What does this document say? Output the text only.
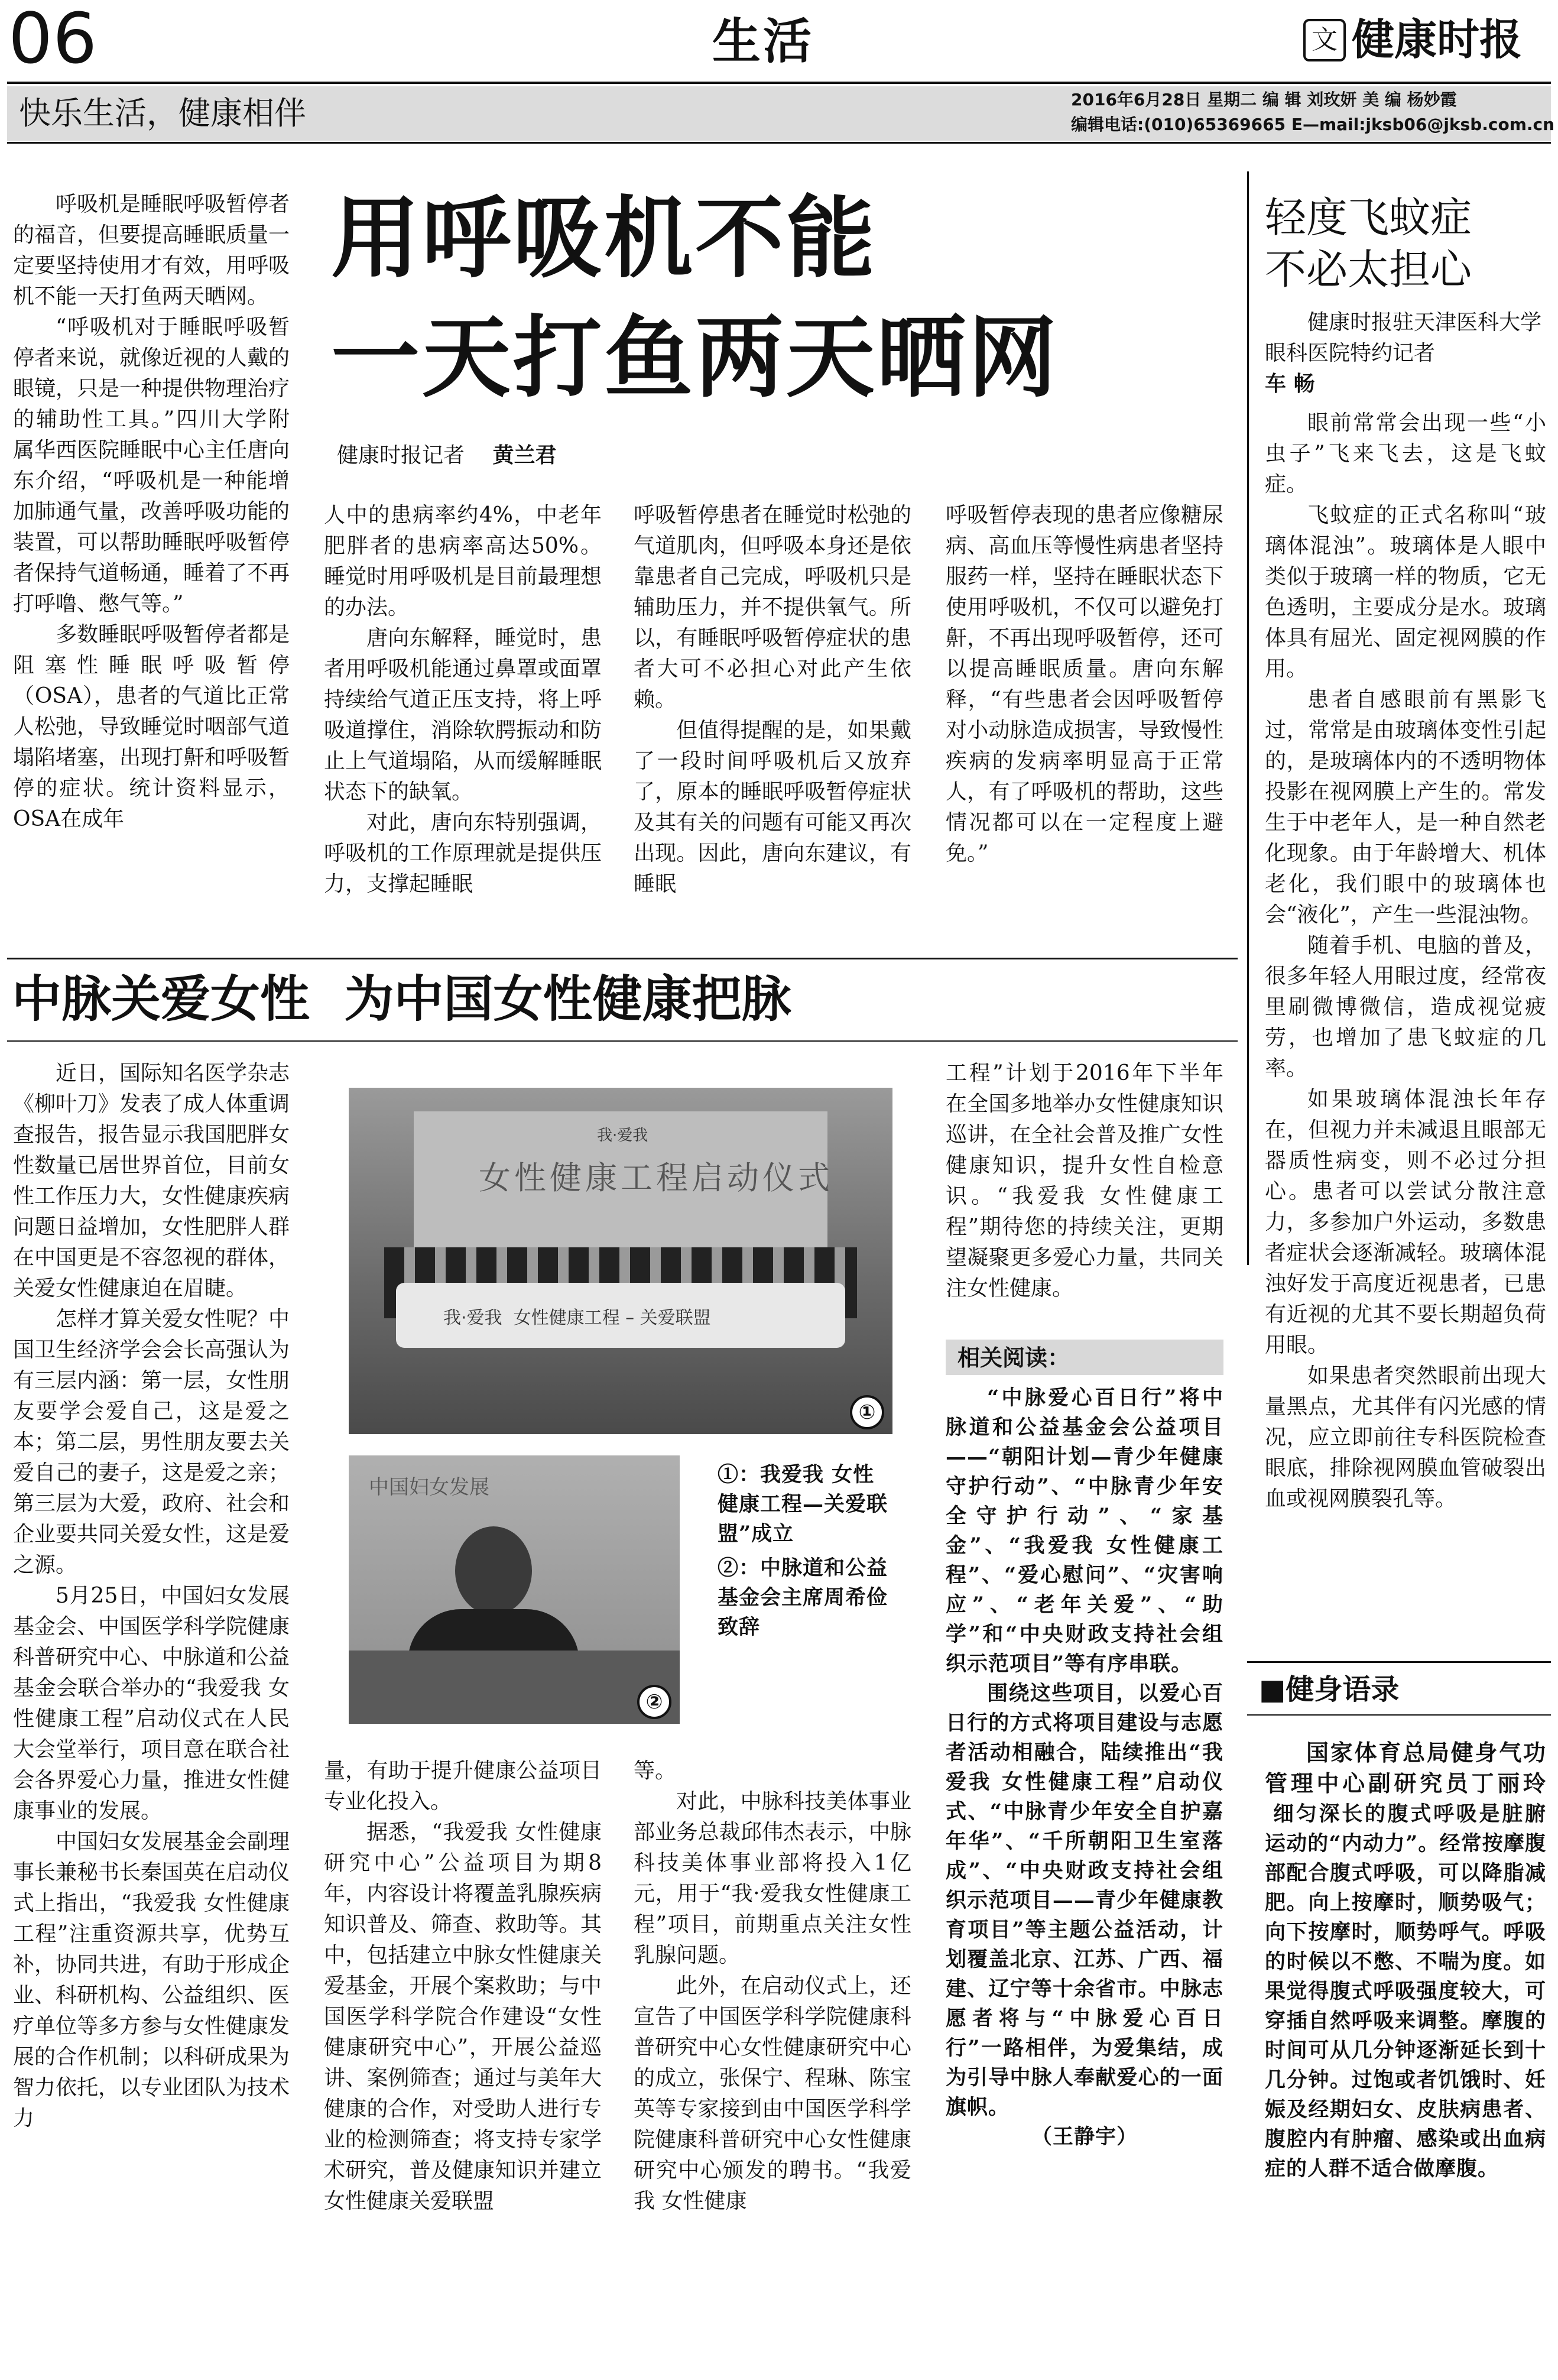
06	生活	文 健康时报
快乐生活，健康相伴	2016年6月28日 星期二 编 辑 刘玫妍 美 编 杨妙霞
编辑电话:(010)65369665 E—mail:jksb06@jksb.com.cn
用呼吸机不能
一天打鱼两天晒网
健康时报记者 黄兰君

呼吸机是睡眠呼吸暂停者的福音，但要提高睡眠质量一定要坚持使用才有效，用呼吸机不能一天打鱼两天晒网。

“呼吸机对于睡眠呼吸暂停者来说，就像近视的人戴的眼镜，只是一种提供物理治疗的辅助性工具。”四川大学附属华西医院睡眠中心主任唐向东介绍，“呼吸机是一种能增加肺通气量，改善呼吸功能的装置，可以帮助睡眠呼吸暂停者保持气道畅通，睡着了不再打呼噜、憋气等。”

多数睡眠呼吸暂停者都是阻塞性睡眠呼吸暂停（OSA），患者的气道比正常人松弛，导致睡觉时咽部气道塌陷堵塞，出现打鼾和呼吸暂停的症状。统计资料显示，OSA在成年

人中的患病率约4%，中老年肥胖者的患病率高达50%。睡觉时用呼吸机是目前最理想的办法。

唐向东解释，睡觉时，患者用呼吸机能通过鼻罩或面罩持续给气道正压支持，将上呼吸道撑住，消除软腭振动和防止上气道塌陷，从而缓解睡眠状态下的缺氧。

对此，唐向东特别强调，呼吸机的工作原理就是提供压力，支撑起睡眠

呼吸暂停患者在睡觉时松弛的气道肌肉，但呼吸本身还是依靠患者自己完成，呼吸机只是辅助压力，并不提供氧气。所以，有睡眠呼吸暂停症状的患者大可不必担心对此产生依赖。

但值得提醒的是，如果戴了一段时间呼吸机后又放弃了，原本的睡眠呼吸暂停症状及其有关的问题有可能又再次出现。因此，唐向东建议，有睡眠

呼吸暂停表现的患者应像糖尿病、高血压等慢性病患者坚持服药一样，坚持在睡眠状态下使用呼吸机，不仅可以避免打鼾，不再出现呼吸暂停，还可以提高睡眠质量。唐向东解释，“有些患者会因呼吸暂停对小动脉造成损害，导致慢性疾病的发病率明显高于正常人，有了呼吸机的帮助，这些情况都可以在一定程度上避免。”

中脉关爱女性  为中国女性健康把脉

近日，国际知名医学杂志《柳叶刀》发表了成人体重调查报告，报告显示我国肥胖女性数量已居世界首位，目前女性工作压力大，女性健康疾病问题日益增加，女性肥胖人群在中国更是不容忽视的群体，关爱女性健康迫在眉睫。

怎样才算关爱女性呢？中国卫生经济学会会长高强认为有三层内涵：第一层，女性朋友要学会爱自己，这是爱之本；第二层，男性朋友要去关爱自己的妻子，这是爱之亲；第三层为大爱，政府、社会和企业要共同关爱女性，这是爱之源。

5月25日，中国妇女发展基金会、中国医学科学院健康科普研究中心、中脉道和公益基金会联合举办的“我爱我 女性健康工程”启动仪式在人民大会堂举行，项目意在联合社会各界爱心力量，推进女性健康事业的发展。

中国妇女发展基金会副理事长兼秘书长秦国英在启动仪式上指出，“我爱我 女性健康工程”注重资源共享，优势互补，协同共进，有助于形成企业、科研机构、公益组织、医疗单位等多方参与女性健康发展的合作机制；以科研成果为智力依托，以专业团队为技术力

我·爱我
女性健康工程启动仪式
我·爱我  女性健康工程 – 关爱联盟
①
中国妇女发展
②
①：我爱我 女性健康工程—关爱联盟”成立
②：中脉道和公益基金会主席周希俭致辞

量，有助于提升健康公益项目专业化投入。

据悉，“我爱我 女性健康研究中心”公益项目为期8年，内容设计将覆盖乳腺疾病知识普及、筛查、救助等。其中，包括建立中脉女性健康关爱基金，开展个案救助；与中国医学科学院合作建设“女性健康研究中心”，开展公益巡讲、案例筛查；通过与美年大健康的合作，对受助人进行专业的检测筛查；将支持专家学术研究，普及健康知识并建立女性健康关爱联盟

等。

对此，中脉科技美体事业部业务总裁邱伟杰表示，中脉科技美体事业部将投入1亿元，用于“我·爱我女性健康工程”项目，前期重点关注女性乳腺问题。

此外，在启动仪式上，还宣告了中国医学科学院健康科普研究中心女性健康研究中心的成立，张保宁、程琳、陈宝英等专家接到由中国医学科学院健康科普研究中心女性健康研究中心颁发的聘书。“我爱我 女性健康

工程”计划于2016年下半年在全国多地举办女性健康知识巡讲，在全社会普及推广女性健康知识，提升女性自检意识。“我爱我 女性健康工程”期待您的持续关注，更期望凝聚更多爱心力量，共同关注女性健康。

相关阅读：

“中脉爱心百日行”将中脉道和公益基金会公益项目——“朝阳计划—青少年健康守护行动”、“中脉青少年安全守护行动”、“家基金”、“我爱我 女性健康工程”、“爱心慰问”、“灾害响应”、“老年关爱”、“助学”和“中央财政支持社会组织示范项目”等有序串联。

围绕这些项目，以爱心百日行的方式将项目建设与志愿者活动相融合，陆续推出“我爱我 女性健康工程”启动仪式、“中脉青少年安全自护嘉年华”、“千所朝阳卫生室落成”、“中央财政支持社会组织示范项目——青少年健康教育项目”等主题公益活动，计划覆盖北京、江苏、广西、福建、辽宁等十余省市。中脉志愿者将与“中脉爱心百日行”一路相伴，为爱集结，成为引导中脉人奉献爱心的一面旗帜。

（王静宇）
轻度飞蚊症
不必太担心
健康时报驻天津医科大学眼科医院特约记者
车 畅

眼前常常会出现一些“小虫子”飞来飞去，这是飞蚊症。

飞蚊症的正式名称叫“玻璃体混浊”。玻璃体是人眼中类似于玻璃一样的物质，它无色透明，主要成分是水。玻璃体具有屈光、固定视网膜的作用。

患者自感眼前有黑影飞过，常常是由玻璃体变性引起的，是玻璃体内的不透明物体投影在视网膜上产生的。常发生于中老年人，是一种自然老化现象。由于年龄增大、机体老化，我们眼中的玻璃体也会“液化”，产生一些混浊物。

随着手机、电脑的普及，很多年轻人用眼过度，经常夜里刷微博微信，造成视觉疲劳，也增加了患飞蚊症的几率。

如果玻璃体混浊长年存在，但视力并未减退且眼部无器质性病变，则不必过分担心。患者可以尝试分散注意力，多参加户外运动，多数患者症状会逐渐减轻。玻璃体混浊好发于高度近视患者，已患有近视的尤其不要长期超负荷用眼。

如果患者突然眼前出现大量黑点，尤其伴有闪光感的情况，应立即前往专科医院检查眼底，排除视网膜血管破裂出血或视网膜裂孔等。

■健身语录
国家体育总局健身气功管理中心副研究员丁丽玲 细匀深长的腹式呼吸是脏腑运动的“内动力”。经常按摩腹部配合腹式呼吸，可以降脂减肥。向上按摩时，顺势吸气；向下按摩时，顺势呼气。呼吸的时候以不憋、不喘为度。如果觉得腹式呼吸强度较大，可穿插自然呼吸来调整。摩腹的时间可从几分钟逐渐延长到十几分钟。过饱或者饥饿时、妊娠及经期妇女、皮肤病患者、腹腔内有肿瘤、感染或出血病症的人群不适合做摩腹。
